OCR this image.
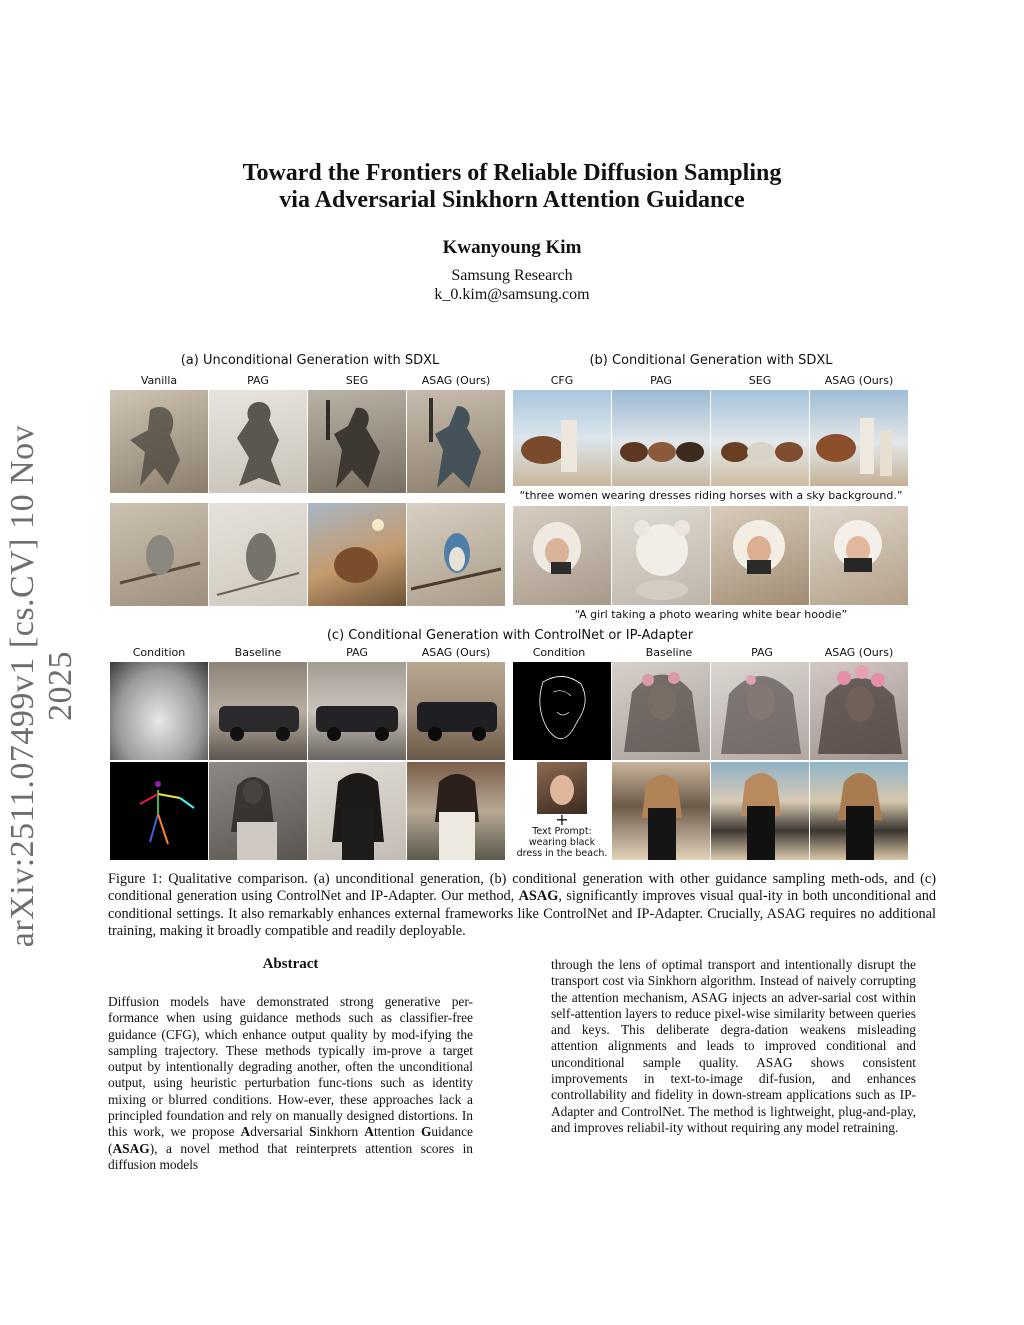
arXiv:2511.07499v1 [cs.CV] 10 Nov 2025
Toward the Frontiers of Reliable Diffusion Sampling
via Adversarial Sinkhorn Attention Guidance
Kwanyoung Kim
Samsung Research
k_0.kim@samsung.com
(a) Unconditional Generation with SDXL	(b) Conditional Generation with SDXL
Vanilla	PAG	SEG	ASAG (Ours)	CFG	PAG	SEG	ASAG (Ours)
“three women wearing dresses riding horses with a sky background.”
“A girl taking a photo wearing white bear hoodie”
(c) Conditional Generation with ControlNet or IP-Adapter
Condition	Baseline	PAG	ASAG (Ours)	Condition	Baseline	PAG	ASAG (Ours)
+
Text Prompt:
wearing black
dress in the beach.
Figure 1: Qualitative comparison. (a) unconditional generation, (b) conditional generation with other guidance sampling meth-ods, and (c) conditional generation using ControlNet and IP-Adapter. Our method, ASAG, significantly improves visual qual-ity in both unconditional and conditional settings. It also remarkably enhances external frameworks like ControlNet and IP-Adapter. Crucially, ASAG requires no additional training, making it broadly compatible and readily deployable.
Abstract
Diffusion models have demonstrated strong generative per-formance when using guidance methods such as classifier-free guidance (CFG), which enhance output quality by mod-ifying the sampling trajectory. These methods typically im-prove a target output by intentionally degrading another, often the unconditional output, using heuristic perturbation func-tions such as identity mixing or blurred conditions. How-ever, these approaches lack a principled foundation and rely on manually designed distortions. In this work, we propose Adversarial Sinkhorn Attention Guidance (ASAG), a novel method that reinterprets attention scores in diffusion models
through the lens of optimal transport and intentionally disrupt the transport cost via Sinkhorn algorithm. Instead of naively corrupting the attention mechanism, ASAG injects an adver-sarial cost within self-attention layers to reduce pixel-wise similarity between queries and keys. This deliberate degra-dation weakens misleading attention alignments and leads to improved conditional and unconditional sample quality. ASAG shows consistent improvements in text-to-image dif-fusion, and enhances controllability and fidelity in down-stream applications such as IP-Adapter and ControlNet. The method is lightweight, plug-and-play, and improves reliabil-ity without requiring any model retraining.
